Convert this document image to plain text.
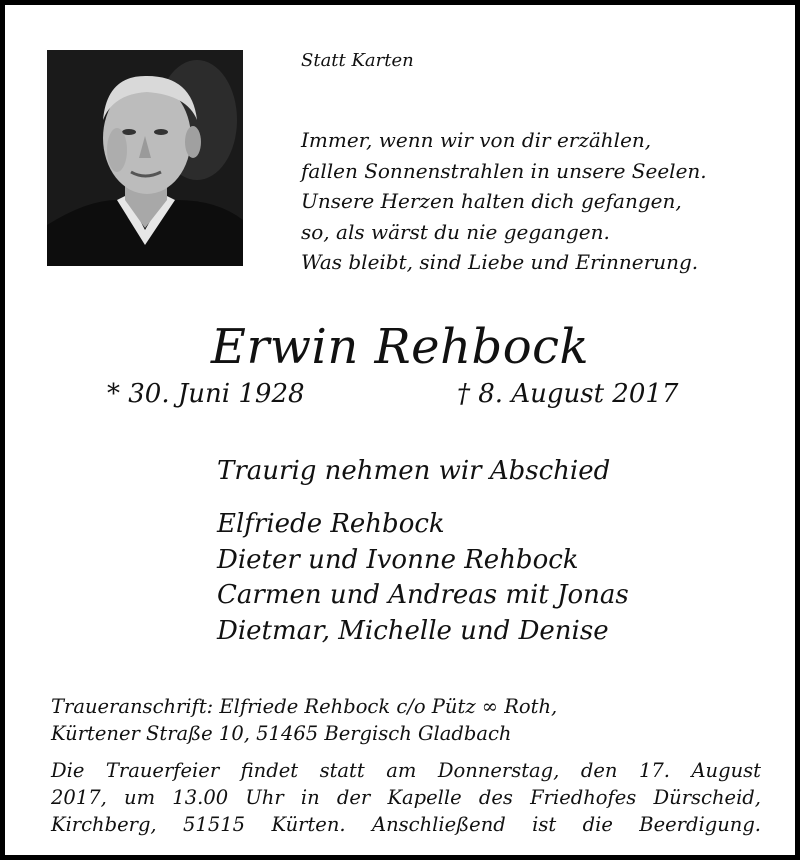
Statt Karten
Immer, wenn wir von dir erzählen,
fallen Sonnenstrahlen in unsere Seelen.
Unsere Herzen halten dich gefangen,
so, als wärst du nie gegangen.
Was bleibt, sind Liebe und Erinnerung.
Erwin Rehbock
* 30. Juni 1928	† 8. August 2017
Traurig nehmen wir Abschied
Elfriede Rehbock
Dieter und Ivonne Rehbock
Carmen und Andreas mit Jonas
Dietmar, Michelle und Denise
Traueranschrift: Elfriede Rehbock c/o Pütz ∞ Roth,
Kürtener Straße 10, 51465 Bergisch Gladbach
Die Trauerfeier findet statt am Donnerstag, den 17. August
2017, um 13.00 Uhr in der Kapelle des Friedhofes Dürscheid,
Kirchberg, 51515 Kürten. Anschließend ist die Beerdigung.
